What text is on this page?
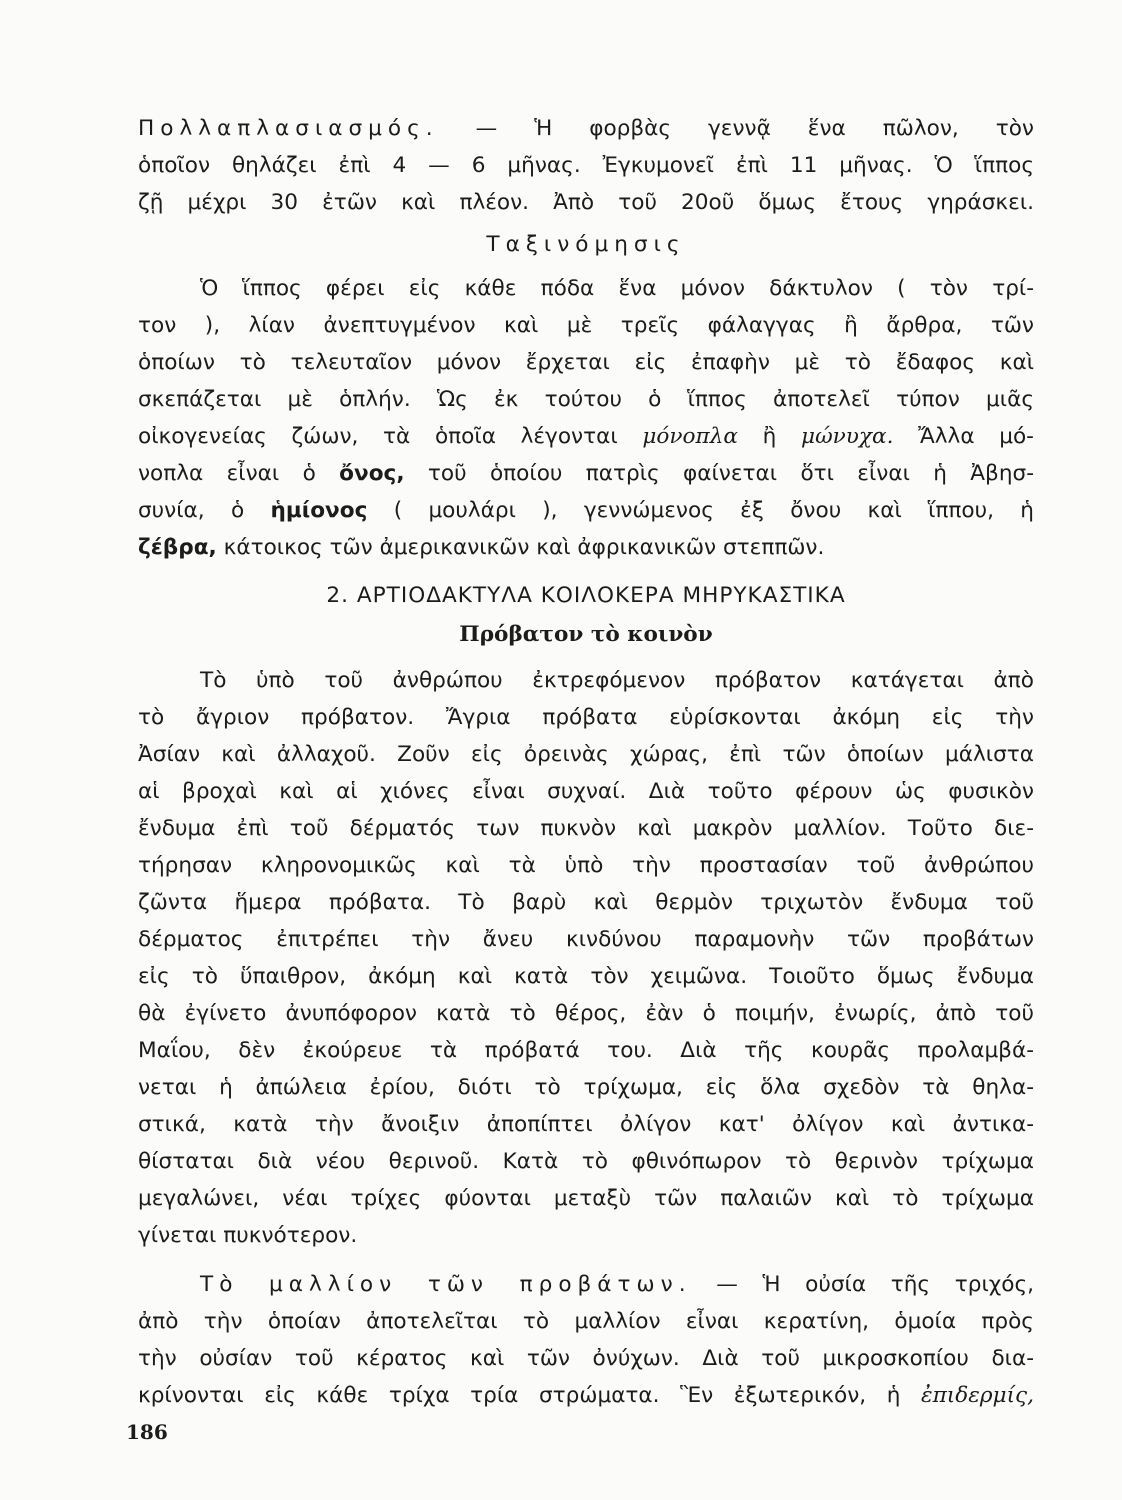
Πολλαπλασιασμός. — Ἡ φορβὰς γεννᾷ ἕνα πῶλον, τὸν
ὁποῖον θηλάζει ἐπὶ 4 — 6 μῆνας. Ἐγκυμονεῖ ἐπὶ 11 μῆνας. Ὁ ἵππος
ζῇ μέχρι 30 ἐτῶν καὶ πλέον. Ἀπὸ τοῦ 20οῦ ὅμως ἔτους γηράσκει.
Ταξινόμησις
Ὁ ἵππος φέρει εἰς κάθε πόδα ἕνα μόνον δάκτυλον ( τὸν τρί-
τον ), λίαν ἀνεπτυγμένον καὶ μὲ τρεῖς φάλαγγας ἢ ἄρθρα, τῶν
ὁποίων τὸ τελευταῖον μόνον ἔρχεται εἰς ἐπαφὴν μὲ τὸ ἔδαφος καὶ
σκεπάζεται μὲ ὁπλήν. Ὡς ἐκ τούτου ὁ ἵππος ἀποτελεῖ τύπον μιᾶς
οἰκογενείας ζώων, τὰ ὁποῖα λέγονται μόνοπλα ἢ μώνυχα. Ἄλλα μό-
νοπλα εἶναι ὁ ὄνος, τοῦ ὁποίου πατρὶς φαίνεται ὅτι εἶναι ἡ Ἀβησ-
συνία, ὁ ἡμίονος ( μουλάρι ), γεννώμενος ἐξ ὄνου καὶ ἵππου, ἡ
ζέβρα, κάτοικος τῶν ἀμερικανικῶν καὶ ἀφρικανικῶν στεππῶν.
2. ΑΡΤΙΟΔΑΚΤΥΛΑ ΚΟΙΛΟΚΕΡΑ ΜΗΡΥΚΑΣΤΙΚΑ
Πρόβατον τὸ κοινὸν
Τὸ ὑπὸ τοῦ ἀνθρώπου ἐκτρεφόμενον πρόβατον κατάγεται ἀπὸ
τὸ ἄγριον πρόβατον. Ἄγρια πρόβατα εὑρίσκονται ἀκόμη εἰς τὴν
Ἀσίαν καὶ ἀλλαχοῦ. Ζοῦν εἰς ὀρεινὰς χώρας, ἐπὶ τῶν ὁποίων μάλιστα
αἱ βροχαὶ καὶ αἱ χιόνες εἶναι συχναί. Διὰ τοῦτο φέρουν ὡς φυσικὸν
ἔνδυμα ἐπὶ τοῦ δέρματός των πυκνὸν καὶ μακρὸν μαλλίον. Τοῦτο διε-
τήρησαν κληρονομικῶς καὶ τὰ ὑπὸ τὴν προστασίαν τοῦ ἀνθρώπου
ζῶντα ἥμερα πρόβατα. Τὸ βαρὺ καὶ θερμὸν τριχωτὸν ἔνδυμα τοῦ
δέρματος ἐπιτρέπει τὴν ἄνευ κινδύνου παραμονὴν τῶν προβάτων
εἰς τὸ ὕπαιθρον, ἀκόμη καὶ κατὰ τὸν χειμῶνα. Τοιοῦτο ὅμως ἔνδυμα
θὰ ἐγίνετο ἀνυπόφορον κατὰ τὸ θέρος, ἐὰν ὁ ποιμήν, ἐνωρίς, ἀπὸ τοῦ
Μαΐου, δὲν ἐκούρευε τὰ πρόβατά του. Διὰ τῆς κουρᾶς προλαμβά-
νεται ἡ ἀπώλεια ἐρίου, διότι τὸ τρίχωμα, εἰς ὅλα σχεδὸν τὰ θηλα-
στικά, κατὰ τὴν ἄνοιξιν ἀποπίπτει ὀλίγον κατ' ὀλίγον καὶ ἀντικα-
θίσταται διὰ νέου θερινοῦ. Κατὰ τὸ φθινόπωρον τὸ θερινὸν τρίχωμα
μεγαλώνει, νέαι τρίχες φύονται μεταξὺ τῶν παλαιῶν καὶ τὸ τρίχωμα
γίνεται πυκνότερον.
Τὸ μαλλίον τῶν προβάτων. — Ἡ οὐσία τῆς τριχός,
ἀπὸ τὴν ὁποίαν ἀποτελεῖται τὸ μαλλίον εἶναι κερατίνη, ὁμοία πρὸς
τὴν οὐσίαν τοῦ κέρατος καὶ τῶν ὀνύχων. Διὰ τοῦ μικροσκοπίου δια-
κρίνονται εἰς κάθε τρίχα τρία στρώματα. Ἓν ἐξωτερικόν, ἡ ἐπιδερμίς,
186
